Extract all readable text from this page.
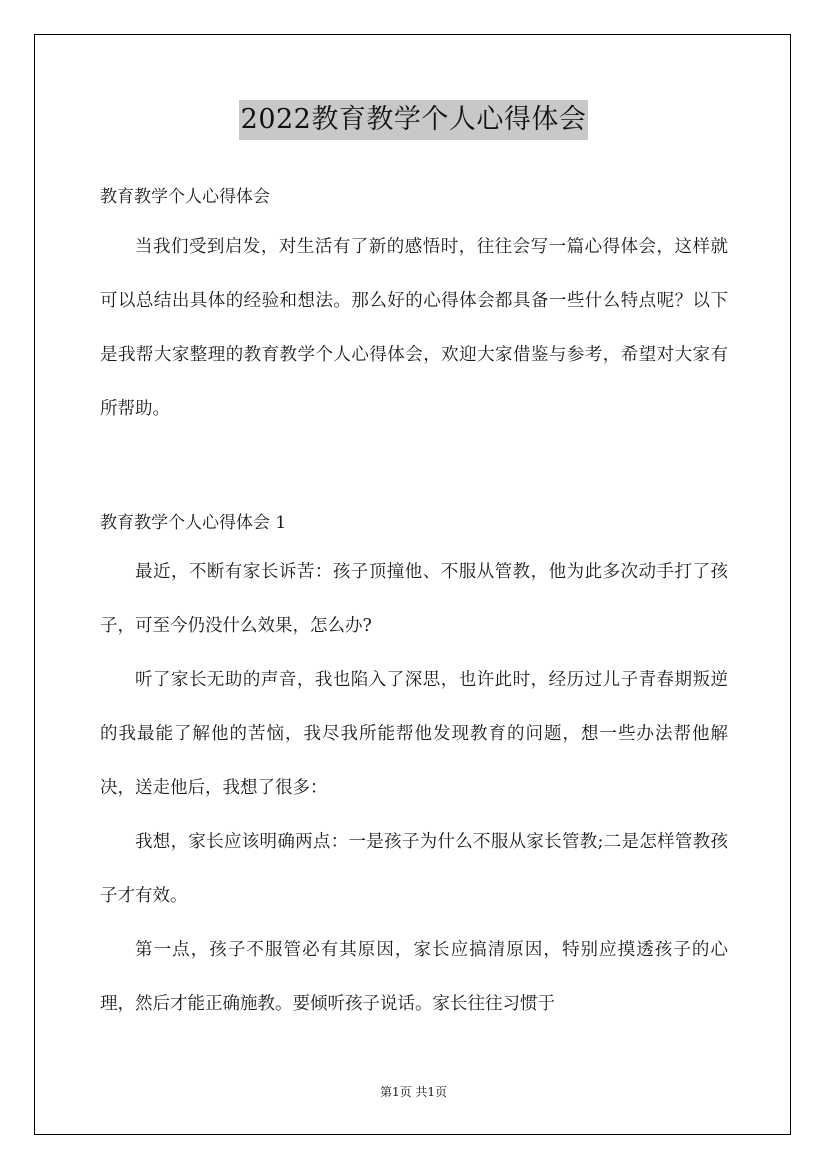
2022教育教学个人心得体会
教育教学个人心得体会

当我们受到启发，对生活有了新的感悟时，往往会写一篇心得体会，这样就可以总结出具体的经验和想法。那么好的心得体会都具备一些什么特点呢？以下是我帮大家整理的教育教学个人心得体会，欢迎大家借鉴与参考，希望对大家有所帮助。

教育教学个人心得体会 1

最近，不断有家长诉苦：孩子顶撞他、不服从管教，他为此多次动手打了孩子，可至今仍没什么效果，怎么办?

听了家长无助的声音，我也陷入了深思，也许此时，经历过儿子青春期叛逆的我最能了解他的苦恼，我尽我所能帮他发现教育的问题，想一些办法帮他解决，送走他后，我想了很多：

我想，家长应该明确两点：一是孩子为什么不服从家长管教;二是怎样管教孩子才有效。

第一点，孩子不服管必有其原因，家长应搞清原因，特别应摸透孩子的心理，然后才能正确施教。要倾听孩子说话。家长往往习惯于

第1页 共1页
